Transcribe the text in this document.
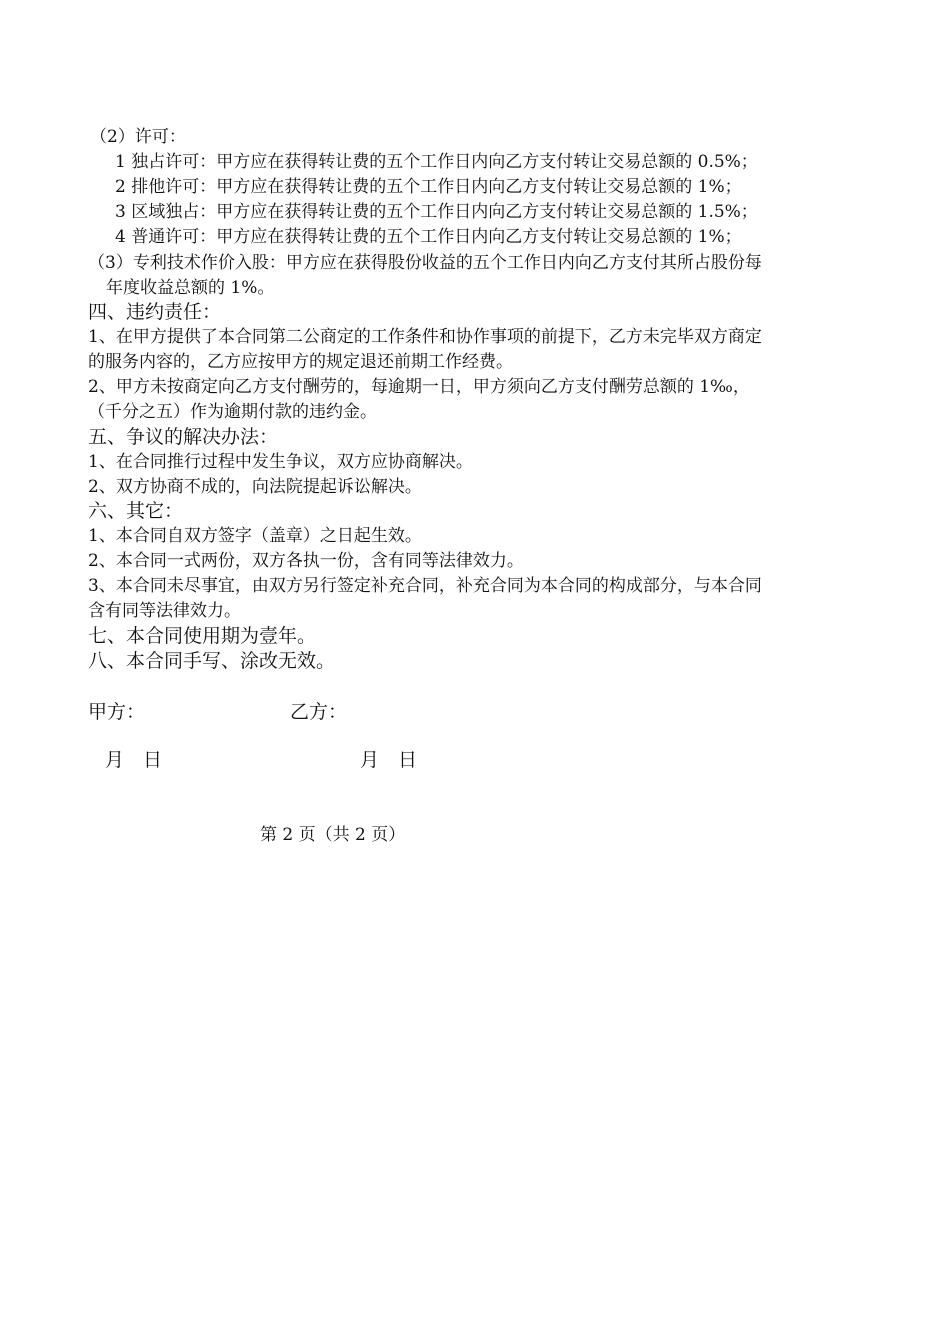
（2）许可：
1 独占许可：甲方应在获得转让费的五个工作日内向乙方支付转让交易总额的 0.5%；
2 排他许可：甲方应在获得转让费的五个工作日内向乙方支付转让交易总额的 1%；
3 区域独占：甲方应在获得转让费的五个工作日内向乙方支付转让交易总额的 1.5%；
4 普通许可：甲方应在获得转让费的五个工作日内向乙方支付转让交易总额的 1%；
（3）专利技术作价入股：甲方应在获得股份收益的五个工作日内向乙方支付其所占股份每
年度收益总额的 1%。
四、违约责任：
1、在甲方提供了本合同第二公商定的工作条件和协作事项的前提下，乙方未完毕双方商定
的服务内容的，乙方应按甲方的规定退还前期工作经费。
2、甲方未按商定向乙方支付酬劳的，每逾期一日，甲方须向乙方支付酬劳总额的 1‰，
（千分之五）作为逾期付款的违约金。
五、争议的解决办法：
1、在合同推行过程中发生争议，双方应协商解决。
2、双方协商不成的，向法院提起诉讼解决。
六、其它：
1、本合同自双方签字（盖章）之日起生效。
2、本合同一式两份，双方各执一份，含有同等法律效力。
3、本合同未尽事宜，由双方另行签定补充合同，补充合同为本合同的构成部分，与本合同
含有同等法律效力。
七、本合同使用期为壹年。
八、本合同手写、涂改无效。
甲方：	乙方：
月　日	月　日
第 2 页（共 2 页）
